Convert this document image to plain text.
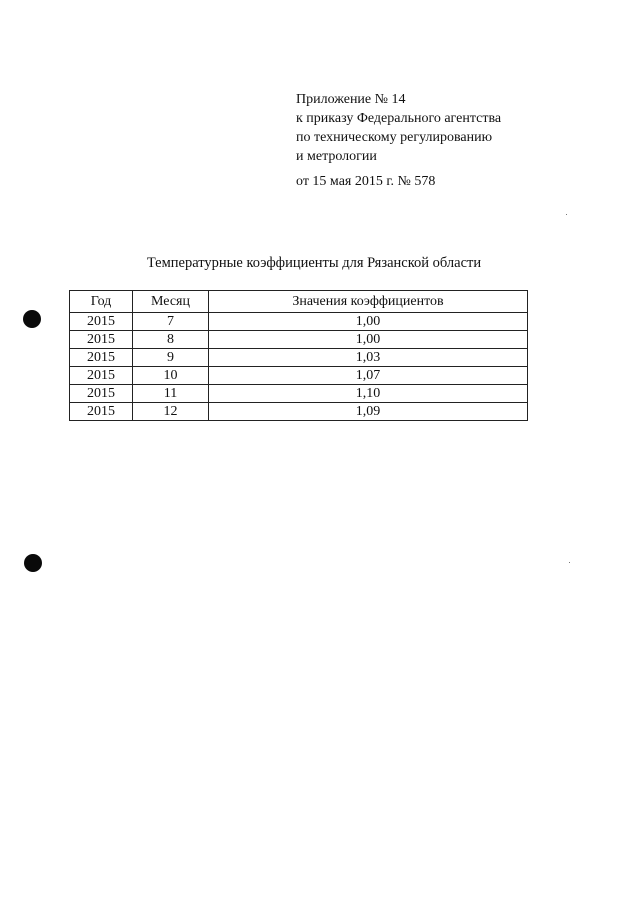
Приложение № 14
к приказу Федерального агентства
по техническому регулированию
и метрологии
от 15 мая 2015 г. № 578
Температурные коэффициенты для Рязанской области
Год	Месяц	Значения коэффициентов
2015	7	1,00
2015	8	1,00
2015	9	1,03
2015	10	1,07
2015	11	1,10
2015	12	1,09
